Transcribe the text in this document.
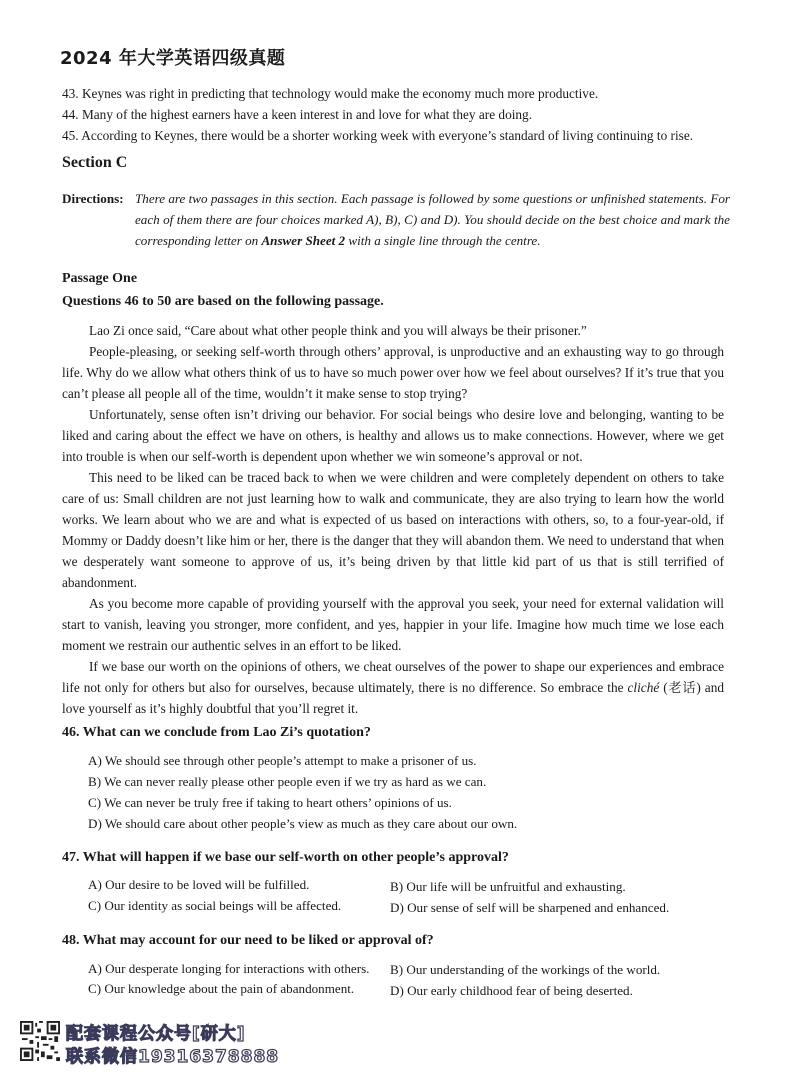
2024 年大学英语四级真题
43. Keynes was right in predicting that technology would make the economy much more productive.
44. Many of the highest earners have a keen interest in and love for what they are doing.
45. According to Keynes, there would be a shorter working week with everyone’s standard of living continuing to rise.
Section C
Directions: There are two passages in this section. Each passage is followed by some questions or unfinished statements. For each of them there are four choices marked A), B), C) and D). You should decide on the best choice and mark the corresponding letter on Answer Sheet 2 with a single line through the centre.
Passage One
Questions 46 to 50 are based on the following passage.

Lao Zi once said, “Care about what other people think and you will always be their prisoner.”

People-pleasing, or seeking self-worth through others’ approval, is unproductive and an exhausting way to go through life. Why do we allow what others think of us to have so much power over how we feel about ourselves? If it’s true that you can’t please all people all of the time, wouldn’t it make sense to stop trying?

Unfortunately, sense often isn’t driving our behavior. For social beings who desire love and belonging, wanting to be liked and caring about the effect we have on others, is healthy and allows us to make connections. However, where we get into trouble is when our self-worth is dependent upon whether we win someone’s approval or not.

This need to be liked can be traced back to when we were children and were completely dependent on others to take care of us: Small children are not just learning how to walk and communicate, they are also trying to learn how the world works. We learn about who we are and what is expected of us based on interactions with others, so, to a four-year-old, if Mommy or Daddy doesn’t like him or her, there is the danger that they will abandon them. We need to understand that when we desperately want someone to approve of us, it’s being driven by that little kid part of us that is still terrified of abandonment.

As you become more capable of providing yourself with the approval you seek, your need for external validation will start to vanish, leaving you stronger, more confident, and yes, happier in your life. Imagine how much time we lose each moment we restrain our authentic selves in an effort to be liked.

If we base our worth on the opinions of others, we cheat ourselves of the power to shape our experiences and embrace life not only for others but also for ourselves, because ultimately, there is no difference. So embrace the cliché (老话) and love yourself as it’s highly doubtful that you’ll regret it.

46. What can we conclude from Lao Zi’s quotation?
A) We should see through other people’s attempt to make a prisoner of us.
B) We can never really please other people even if we try as hard as we can.
C) We can never be truly free if taking to heart others’ opinions of us.
D) We should care about other people’s view as much as they care about our own.
47. What will happen if we base our self-worth on other people’s approval?
A) Our desire to be loved will be fulfilled.	B) Our life will be unfruitful and exhausting.
C) Our identity as social beings will be affected.	D) Our sense of self will be sharpened and enhanced.
48. What may account for our need to be liked or approval of?
A) Our desperate longing for interactions with others. B) Our understanding of the workings of the world.
C) Our knowledge about the pain of abandonment.	D) Our early childhood fear of being deserted.
配套课程公众号[研大]
联系微信19316378888
